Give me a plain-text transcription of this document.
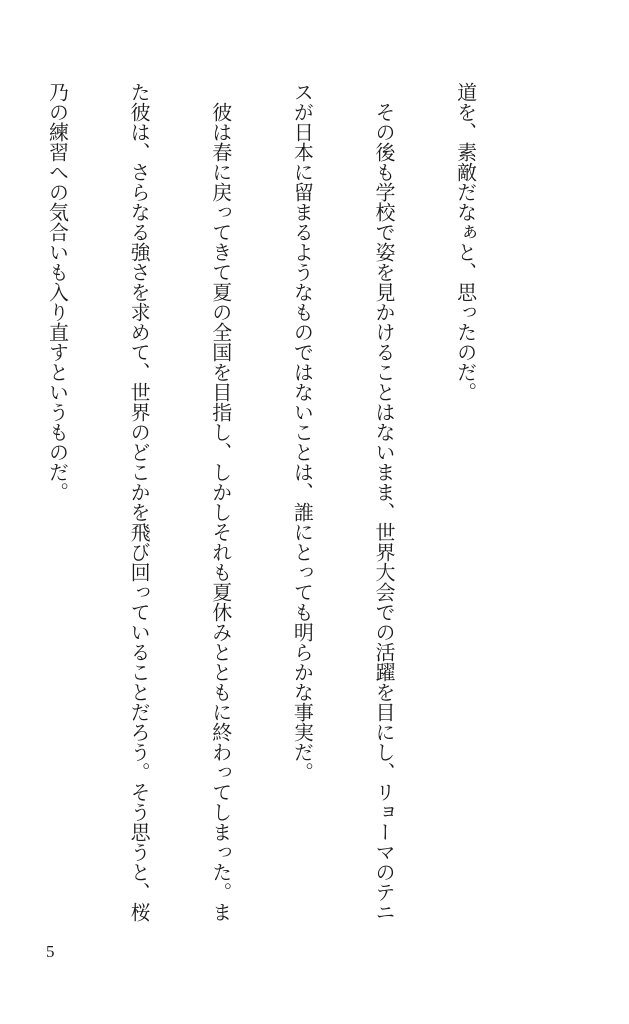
道を、素敵だなぁと、思ったのだ。

　その後も学校で姿を見かけることはないまま、世界大会での活躍を目にし、リョーマのテニ

スが日本に留まるようなものではないことは、誰にとっても明らかな事実だ。

　彼は春に戻ってきて夏の全国を目指し、しかしそれも夏休みとともに終わってしまった。ま

た彼は、さらなる強さを求めて、世界のどこかを飛び回っていることだろう。そう思うと、桜

乃の練習への気合いも入り直すというものだ。

5
